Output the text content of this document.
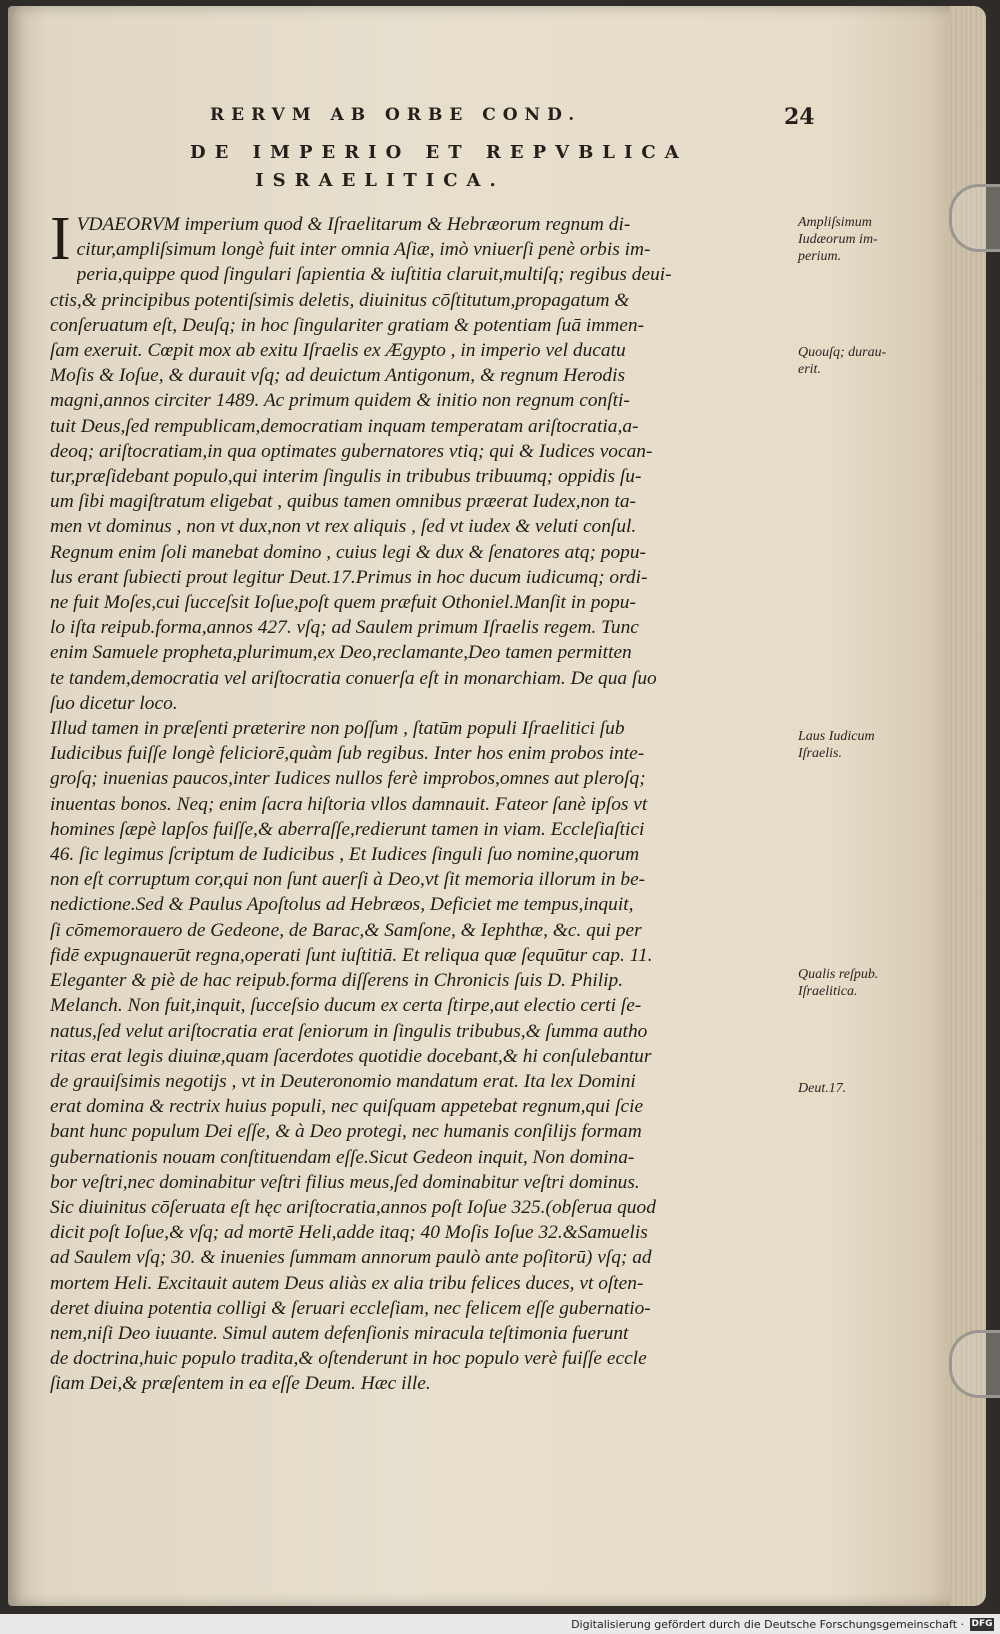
RERVM AB ORBE COND.	24
DE IMPERIO ET REPVBLICA
ISRAELITICA.
I VDAEORVM imperium quod & Iſraelitarum & Hebræorum regnum di-
citur,ampliſsimum longè fuit inter omnia Aſiæ, imò vniuerſi penè orbis im-
peria,quippe quod ſingulari ſapientia & iuſtitia claruit,multiſq; regibus deui-
ctis,& principibus potentiſsimis deletis, diuinitus cōſtitutum,propagatum &
conſeruatum eſt, Deuſq; in hoc ſingulariter gratiam & potentiam ſuā immen-
ſam exeruit. Cœpit mox ab exitu Iſraelis ex Ægypto , in imperio vel ducatu
Moſis & Ioſue, & durauit vſq; ad deuictum Antigonum, & regnum Herodis
magni,annos circiter 1489. Ac primum quidem & initio non regnum conſti-
tuit Deus,ſed rempublicam,democratiam inquam temperatam ariſtocratia,a-
deoq; ariſtocratiam,in qua optimates gubernatores vtiq; qui & Iudices vocan-
tur,præſidebant populo,qui interim ſingulis in tribubus tribuumq; oppidis ſu-
um ſibi magiſtratum eligebat , quibus tamen omnibus præerat Iudex,non ta-
men vt dominus , non vt dux,non vt rex aliquis , ſed vt iudex & veluti conſul.
Regnum enim ſoli manebat domino , cuius legi & dux & ſenatores atq; popu-
lus erant ſubiecti prout legitur Deut.17.Primus in hoc ducum iudicumq; ordi-
ne fuit Moſes,cui ſucceſsit Ioſue,poſt quem præfuit Othoniel.Manſit in popu-
lo iſta reipub.forma,annos 427. vſq; ad Saulem primum Iſraelis regem. Tunc
enim Samuele propheta,plurimum,ex Deo,reclamante,Deo tamen permitten
te tandem,democratia vel ariſtocratia conuerſa eſt in monarchiam. De qua ſuo
ſuo dicetur loco.
Illud tamen in præſenti præterire non poſſum , ſtatūm populi Iſraelitici ſub
Iudicibus fuiſſe longè feliciorē,quàm ſub regibus. Inter hos enim probos inte-
groſq; inuenias paucos,inter Iudices nullos ferè improbos,omnes aut pleroſq;
inuentas bonos. Neq; enim ſacra hiſtoria vllos damnauit. Fateor ſanè ipſos vt
homines ſæpè lapſos fuiſſe,& aberraſſe,redierunt tamen in viam. Eccleſiaſtici
46. ſic legimus ſcriptum de Iudicibus , Et Iudices ſinguli ſuo nomine,quorum
non eſt corruptum cor,qui non ſunt auerſi à Deo,vt ſit memoria illorum in be-
nedictione.Sed & Paulus Apoſtolus ad Hebræos, Deficiet me tempus,inquit,
ſi cōmemorauero de Gedeone, de Barac,& Samſone, & Iephthæ, &c. qui per
fidē expugnauerūt regna,operati ſunt iuſtitiā. Et reliqua quæ ſequūtur cap. 11.
Eleganter & piè de hac reipub.forma diſſerens in Chronicis ſuis D. Philip.
Melanch. Non fuit,inquit, ſucceſsio ducum ex certa ſtirpe,aut electio certi ſe-
natus,ſed velut ariſtocratia erat ſeniorum in ſingulis tribubus,& ſumma autho
ritas erat legis diuinæ,quam ſacerdotes quotidie docebant,& hi conſulebantur
de grauiſsimis negotijs , vt in Deuteronomio mandatum erat. Ita lex Domini
erat domina & rectrix huius populi, nec quiſquam appetebat regnum,qui ſcie
bant hunc populum Dei eſſe, & à Deo protegi, nec humanis conſilijs formam
gubernationis nouam conſtituendam eſſe.Sicut Gedeon inquit, Non domina-
bor veſtri,nec dominabitur veſtri filius meus,ſed dominabitur veſtri dominus.
Sic diuinitus cōſeruata eſt hęc ariſtocratia,annos poſt Ioſue 325.(obſerua quod
dicit poſt Ioſue,& vſq; ad mortē Heli,adde itaq; 40 Moſis Ioſue 32.&Samuelis
ad Saulem vſq; 30. & inuenies ſummam annorum paulò ante poſitorū) vſq; ad
mortem Heli. Excitauit autem Deus aliàs ex alia tribu felices duces, vt oſten-
deret diuina potentia colligi & ſeruari eccleſiam, nec felicem eſſe gubernatio-
nem,niſi Deo iuuante. Simul autem defenſionis miracula teſtimonia fuerunt
de doctrina,huic populo tradita,& oſtenderunt in hoc populo verè fuiſſe eccle
ſiam Dei,& præſentem in ea eſſe Deum. Hæc ille.
Ampliſsimum Iudæorum im- perium.
Quouſq; durau- erit.
Laus Iudicum Iſraelis.
Qualis reſpub. Iſraelitica.
Deut.17.
Digitalisierung gefördert durch die Deutsche Forschungsgemeinschaft · DFG
